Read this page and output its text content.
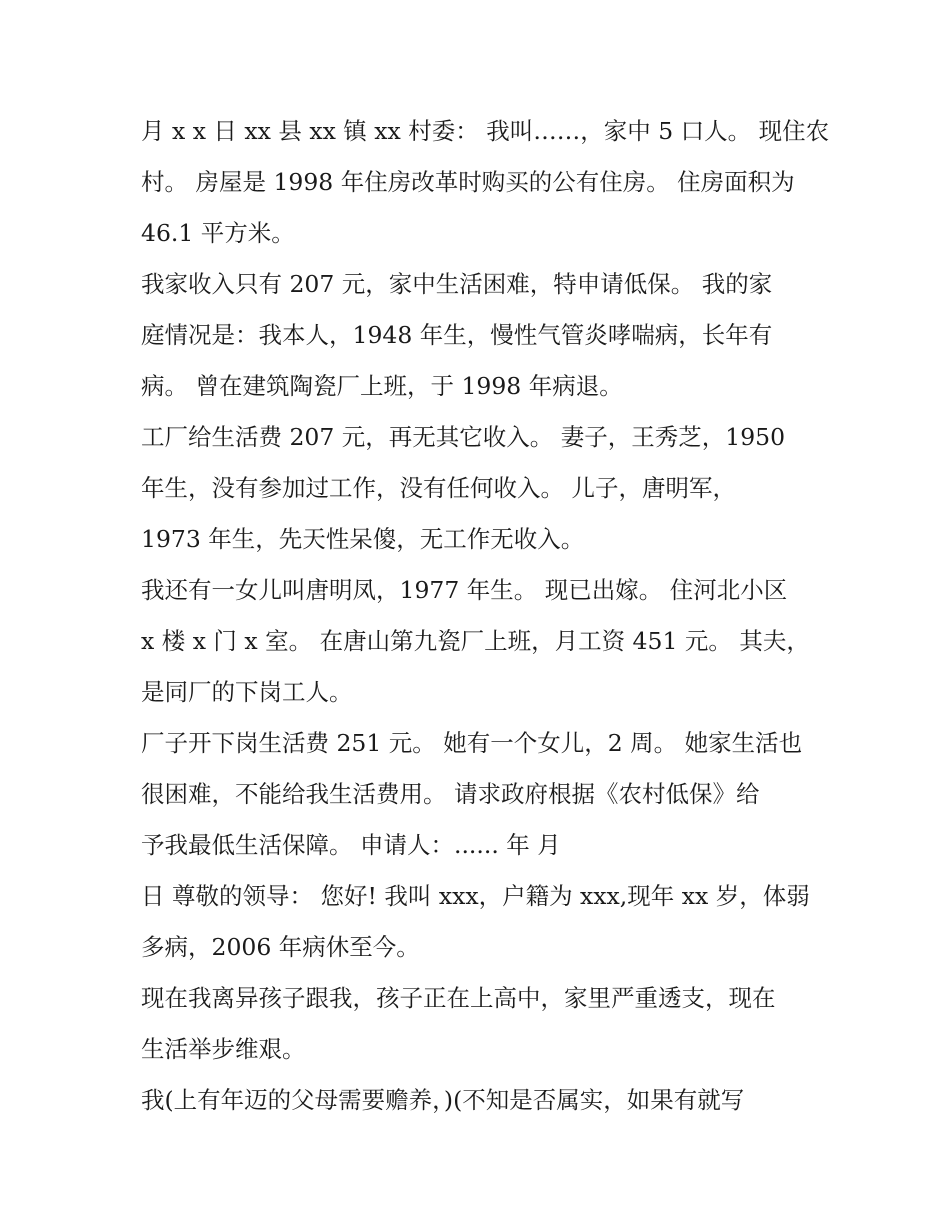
月 x x 日 xx 县 xx 镇 xx 村委： 我叫……，家中 5 口人。 现住农
村。 房屋是 1998 年住房改革时购买的公有住房。 住房面积为
46.1 平方米。
我家收入只有 207 元，家中生活困难，特申请低保。 我的家
庭情况是：我本人，1948 年生，慢性气管炎哮喘病，长年有
病。 曾在建筑陶瓷厂上班，于 1998 年病退。
工厂给生活费 207 元，再无其它收入。 妻子，王秀芝，1950
年生，没有参加过工作，没有任何收入。 儿子，唐明军，
1973 年生，先天性呆傻，无工作无收入。
我还有一女儿叫唐明凤，1977 年生。 现已出嫁。 住河北小区
x 楼 x 门 x 室。 在唐山第九瓷厂上班，月工资 451 元。 其夫，
是同厂的下岗工人。
厂子开下岗生活费 251 元。 她有一个女儿，2 周。 她家生活也
很困难，不能给我生活费用。 请求政府根据《农村低保》给
予我最低生活保障。 申请人：...... 年 月
日 尊敬的领导： 您好! 我叫 xxx，户籍为 xxx,现年 xx 岁，体弱
多病，2006 年病休至今。
现在我离异孩子跟我，孩子正在上高中，家里严重透支，现在
生活举步维艰。
我(上有年迈的父母需要赡养，)(不知是否属实，如果有就写
